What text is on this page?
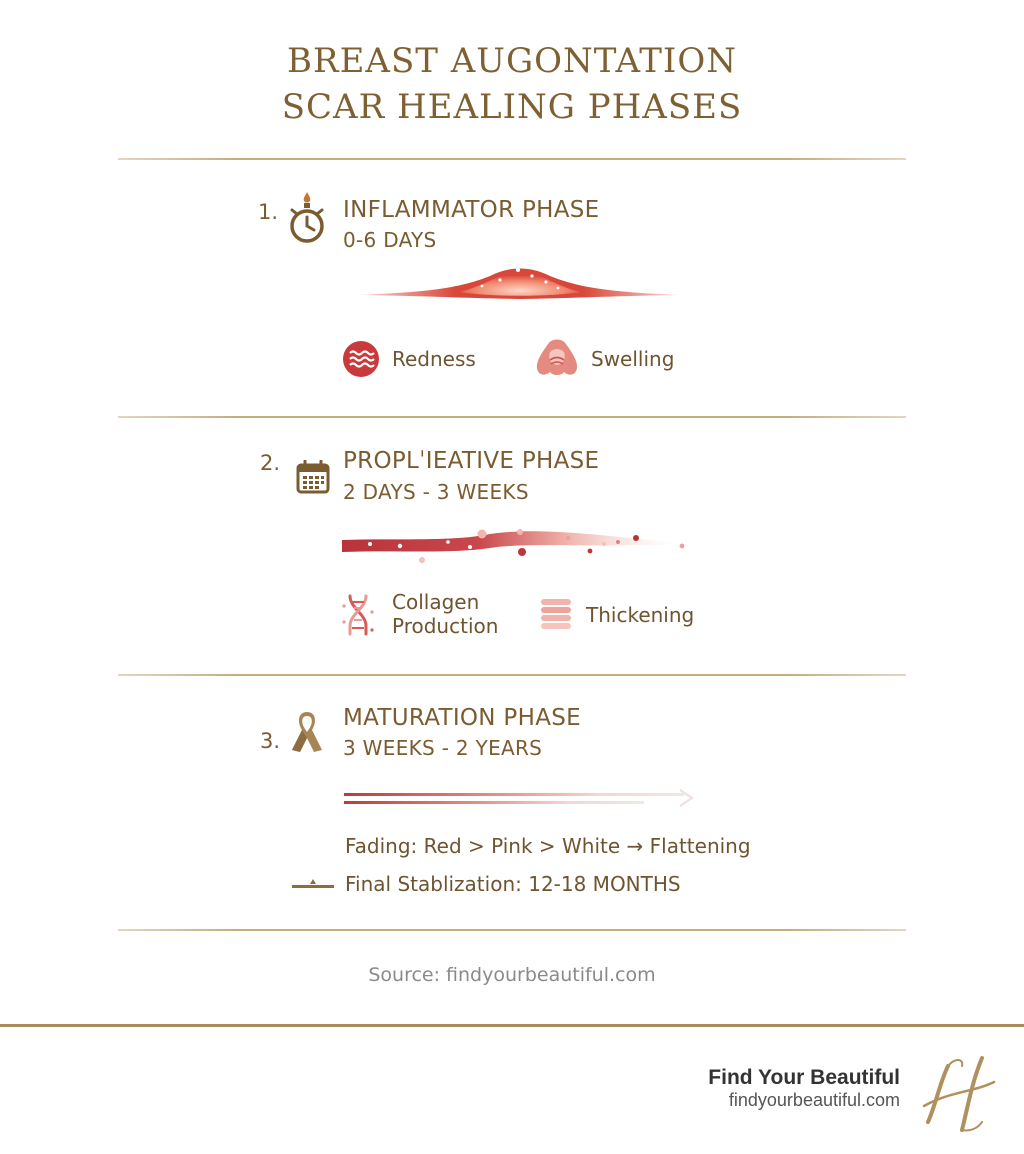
BREAST AUGONTATION
SCAR HEALING PHASES
1.	INFLAMMATOR PHASE
0-6 DAYS
Redness	Swelling
2.	PROPLˈIEATIVE PHASE
2 DAYS - 3 WEEKS
Collagen
Production	Thickening
3.
MATURATION PHASE
3 WEEKS - 2 YEARS
Fading: Red > Pink > White → Flattening
Final Stablization: 12-18 MONTHS
Source: findyourbeautiful.com
Find Your Beautiful
findyourbeautiful.com
